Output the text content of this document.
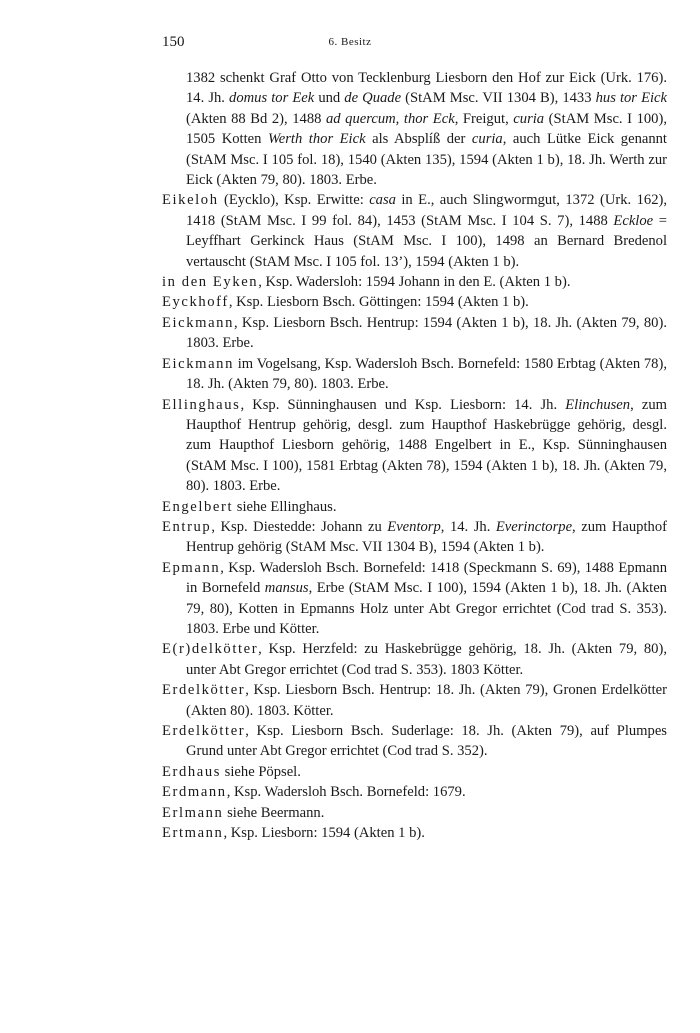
150	6. Besitz
1382 schenkt Graf Otto von Tecklenburg Liesborn den Hof zur Eick (Urk. 176). 14. Jh. domus tor Eek und de Quade (StAM Msc. VII 1304 B), 1433 hus tor Eick (Akten 88 Bd 2), 1488 ad quercum, thor Eck, Freigut, curia (StAM Msc. I 100), 1505 Kotten Werth thor Eick als Absplíß der curia, auch Lütke Eick genannt (StAM Msc. I 105 fol. 18), 1540 (Akten 135), 1594 (Akten 1 b), 18. Jh. Werth zur Eick (Akten 79, 80). 1803. Erbe.
Eikeloh (Eycklo), Ksp. Erwitte: casa in E., auch Slingwormgut, 1372 (Urk. 162), 1418 (StAM Msc. I 99 fol. 84), 1453 (StAM Msc. I 104 S. 7), 1488 Eckloe = Leyffhart Gerkinck Haus (StAM Msc. I 100), 1498 an Bernard Bredenol vertauscht (StAM Msc. I 105 fol. 13’), 1594 (Akten 1 b).
in den Eyken, Ksp. Wadersloh: 1594 Johann in den E. (Akten 1 b).
Eyckhoff, Ksp. Liesborn Bsch. Göttingen: 1594 (Akten 1 b).
Eickmann, Ksp. Liesborn Bsch. Hentrup: 1594 (Akten 1 b), 18. Jh. (Akten 79, 80). 1803. Erbe.
Eickmann im Vogelsang, Ksp. Wadersloh Bsch. Bornefeld: 1580 Erbtag (Akten 78), 18. Jh. (Akten 79, 80). 1803. Erbe.
Ellinghaus, Ksp. Sünninghausen und Ksp. Liesborn: 14. Jh. Elinchusen, zum Haupthof Hentrup gehörig, desgl. zum Haupthof Haskebrügge gehörig, desgl. zum Haupthof Liesborn gehörig, 1488 Engelbert in E., Ksp. Sünninghausen (StAM Msc. I 100), 1581 Erbtag (Akten 78), 1594 (Akten 1 b), 18. Jh. (Akten 79, 80). 1803. Erbe.
Engelbert siehe Ellinghaus.
Entrup, Ksp. Diestedde: Johann zu Eventorp, 14. Jh. Everinctorpe, zum Haupthof Hentrup gehörig (StAM Msc. VII 1304 B), 1594 (Akten 1 b).
Epmann, Ksp. Wadersloh Bsch. Bornefeld: 1418 (Speckmann S. 69), 1488 Epmann in Bornefeld mansus, Erbe (StAM Msc. I 100), 1594 (Akten 1 b), 18. Jh. (Akten 79, 80), Kotten in Epmanns Holz unter Abt Gregor errichtet (Cod trad S. 353). 1803. Erbe und Kötter.
E(r)delkötter, Ksp. Herzfeld: zu Haskebrügge gehörig, 18. Jh. (Akten 79, 80), unter Abt Gregor errichtet (Cod trad S. 353). 1803 Kötter.
Erdelkötter, Ksp. Liesborn Bsch. Hentrup: 18. Jh. (Akten 79), Gronen Erdelkötter (Akten 80). 1803. Kötter.
Erdelkötter, Ksp. Liesborn Bsch. Suderlage: 18. Jh. (Akten 79), auf Plumpes Grund unter Abt Gregor errichtet (Cod trad S. 352).
Erdhaus siehe Pöpsel.
Erdmann, Ksp. Wadersloh Bsch. Bornefeld: 1679.
Erlmann siehe Beermann.
Ertmann, Ksp. Liesborn: 1594 (Akten 1 b).
